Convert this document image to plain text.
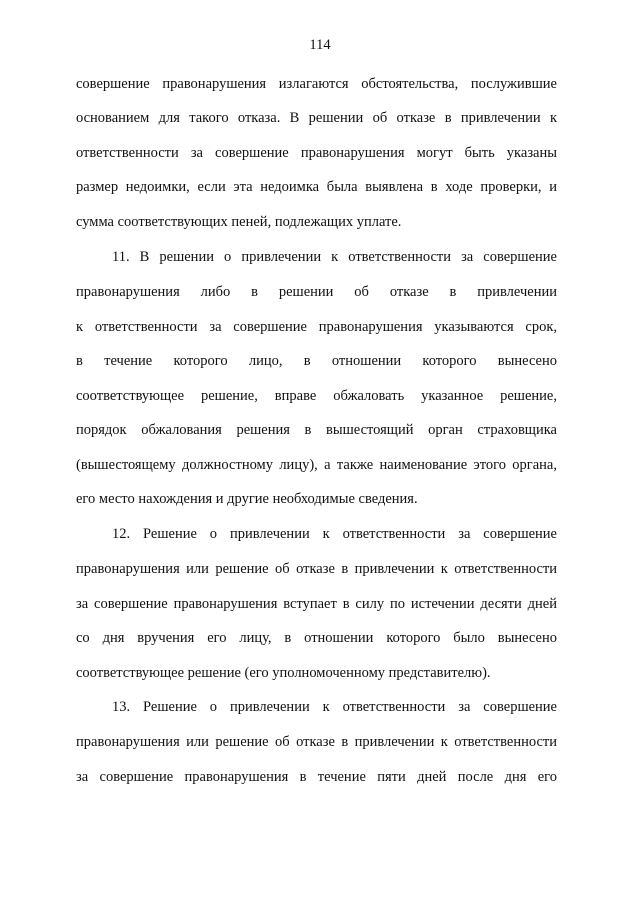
114
совершение правонарушения излагаются обстоятельства, послужившие
основанием для такого отказа. В решении об отказе в привлечении к
ответственности за совершение правонарушения могут быть указаны
размер недоимки, если эта недоимка была выявлена в ходе проверки, и
сумма соответствующих пеней, подлежащих уплате.
11. В решении о привлечении к ответственности за совершение
правонарушения либо в решении об отказе в привлечении
к ответственности за совершение правонарушения указываются срок,
в течение которого лицо, в отношении которого вынесено
соответствующее решение, вправе обжаловать указанное решение,
порядок обжалования решения в вышестоящий орган страховщика
(вышестоящему должностному лицу), а также наименование этого органа,
его место нахождения и другие необходимые сведения.
12. Решение о привлечении к ответственности за совершение
правонарушения или решение об отказе в привлечении к ответственности
за совершение правонарушения вступает в силу по истечении десяти дней
со дня вручения его лицу, в отношении которого было вынесено
соответствующее решение (его уполномоченному представителю).
13. Решение о привлечении к ответственности за совершение
правонарушения или решение об отказе в привлечении к ответственности
за совершение правонарушения в течение пяти дней после дня его
